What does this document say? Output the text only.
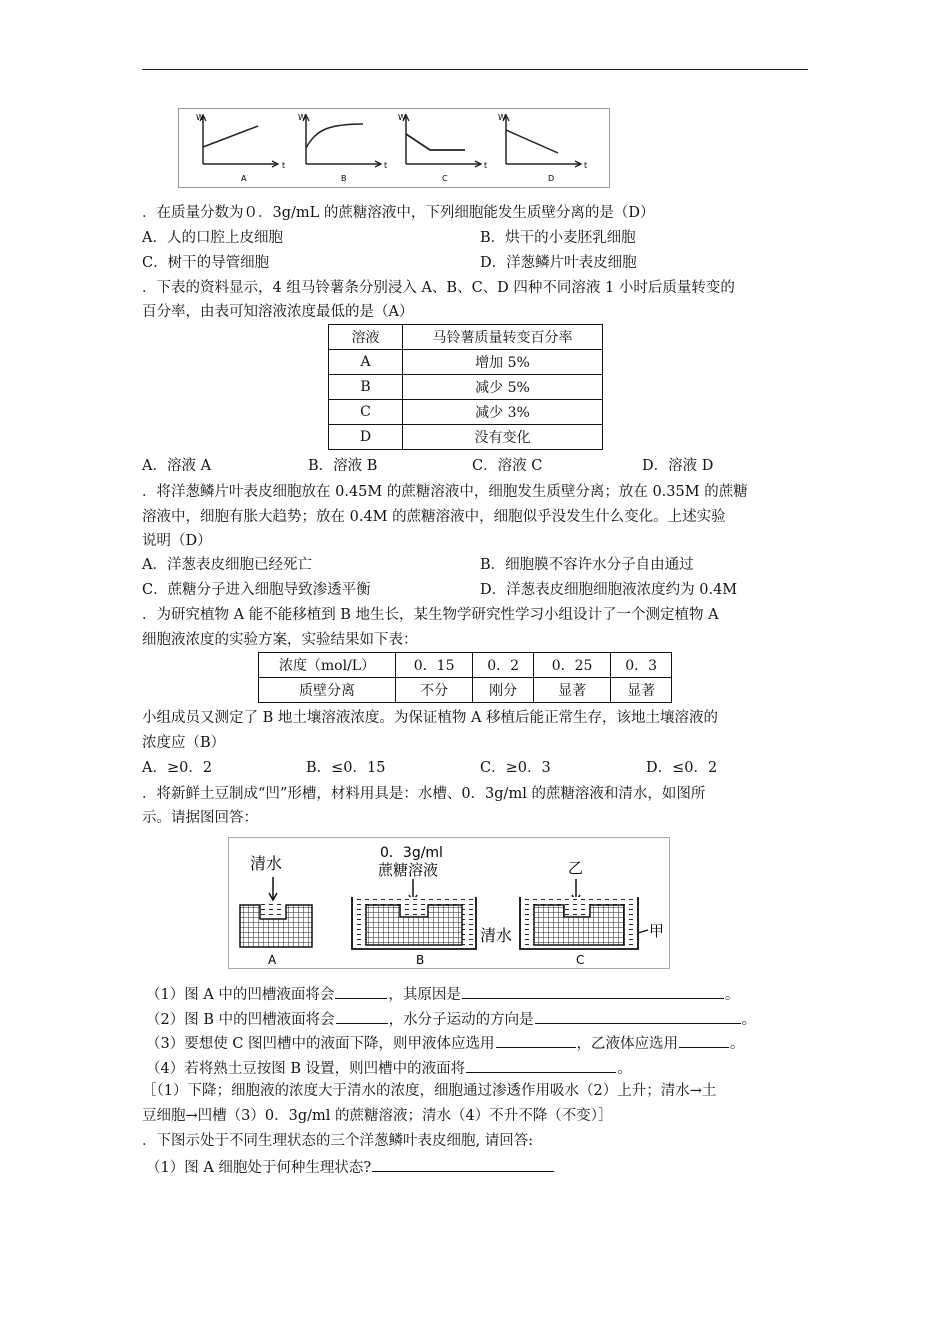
W
t
A
W
t
B
W
t
C
W
t
D
．在质量分数为０．3g/mL 的蔗糖溶液中，下列细胞能发生质壁分离的是（D）
A．人的口腔上皮细胞	B．烘干的小麦胚乳细胞
C．树干的导管细胞	D．洋葱鳞片叶表皮细胞
．下表的资料显示，4 组马铃薯条分别浸入 A、B、C、D 四种不同溶液 1 小时后质量转变的
百分率，由表可知溶液浓度最低的是（A）
溶液	马铃薯质量转变百分率
A	增加 5%
B	减少 5%
C	减少 3%
D	没有变化
A．溶液 A	B．溶液 B	C．溶液 C	D．溶液 D
．将洋葱鳞片叶表皮细胞放在 0.45M 的蔗糖溶液中，细胞发生质壁分离；放在 0.35M 的蔗糖
溶液中，细胞有胀大趋势；放在 0.4M 的蔗糖溶液中，细胞似乎没发生什么变化。上述实验
说明（D）
A．洋葱表皮细胞已经死亡	B．细胞膜不容许水分子自由通过
C．蔗糖分子进入细胞导致渗透平衡	D．洋葱表皮细胞细胞液浓度约为 0.4M
．为研究植物 A 能不能移植到 B 地生长，某生物学研究性学习小组设计了一个测定植物 A
细胞液浓度的实验方案，实验结果如下表：
浓度（mol/L）	0．15	0．2	0．25	0．3
质壁分离	不分	刚分	显著	显著
小组成员又测定了 B 地土壤溶液浓度。为保证植物 A 移植后能正常生存，该地土壤溶液的
浓度应（B）
A．≥0．2	B．≤0．15	C．≥0．3	D．≤0．2
．将新鲜土豆制成“凹”形槽，材料用具是：水槽、0．3g/ml 的蔗糖溶液和清水，如图所
示。请据图回答：
清水
A
0．3g/ml
蔗糖溶液
清水
B
乙
甲
C
（1）图 A 中的凹槽液面将会	，其原因是	。
（2）图 B 中的凹槽液面将会	，水分子运动的方向是	。
（3）要想使 C 图凹槽中的液面下降，则甲液体应选用	，乙液体应选用	。
（4）若将熟土豆按图 B 设置，则凹槽中的液面将	。
［（1）下降；细胞液的浓度大于清水的浓度，细胞通过渗透作用吸水（2）上升；清水→土
豆细胞→凹槽（3）0．3g/ml 的蔗糖溶液；清水（4）不升不降（不变）］
．下图示处于不同生理状态的三个洋葱鳞叶表皮细胞, 请回答:
（1）图 A 细胞处于何种生理状态?
